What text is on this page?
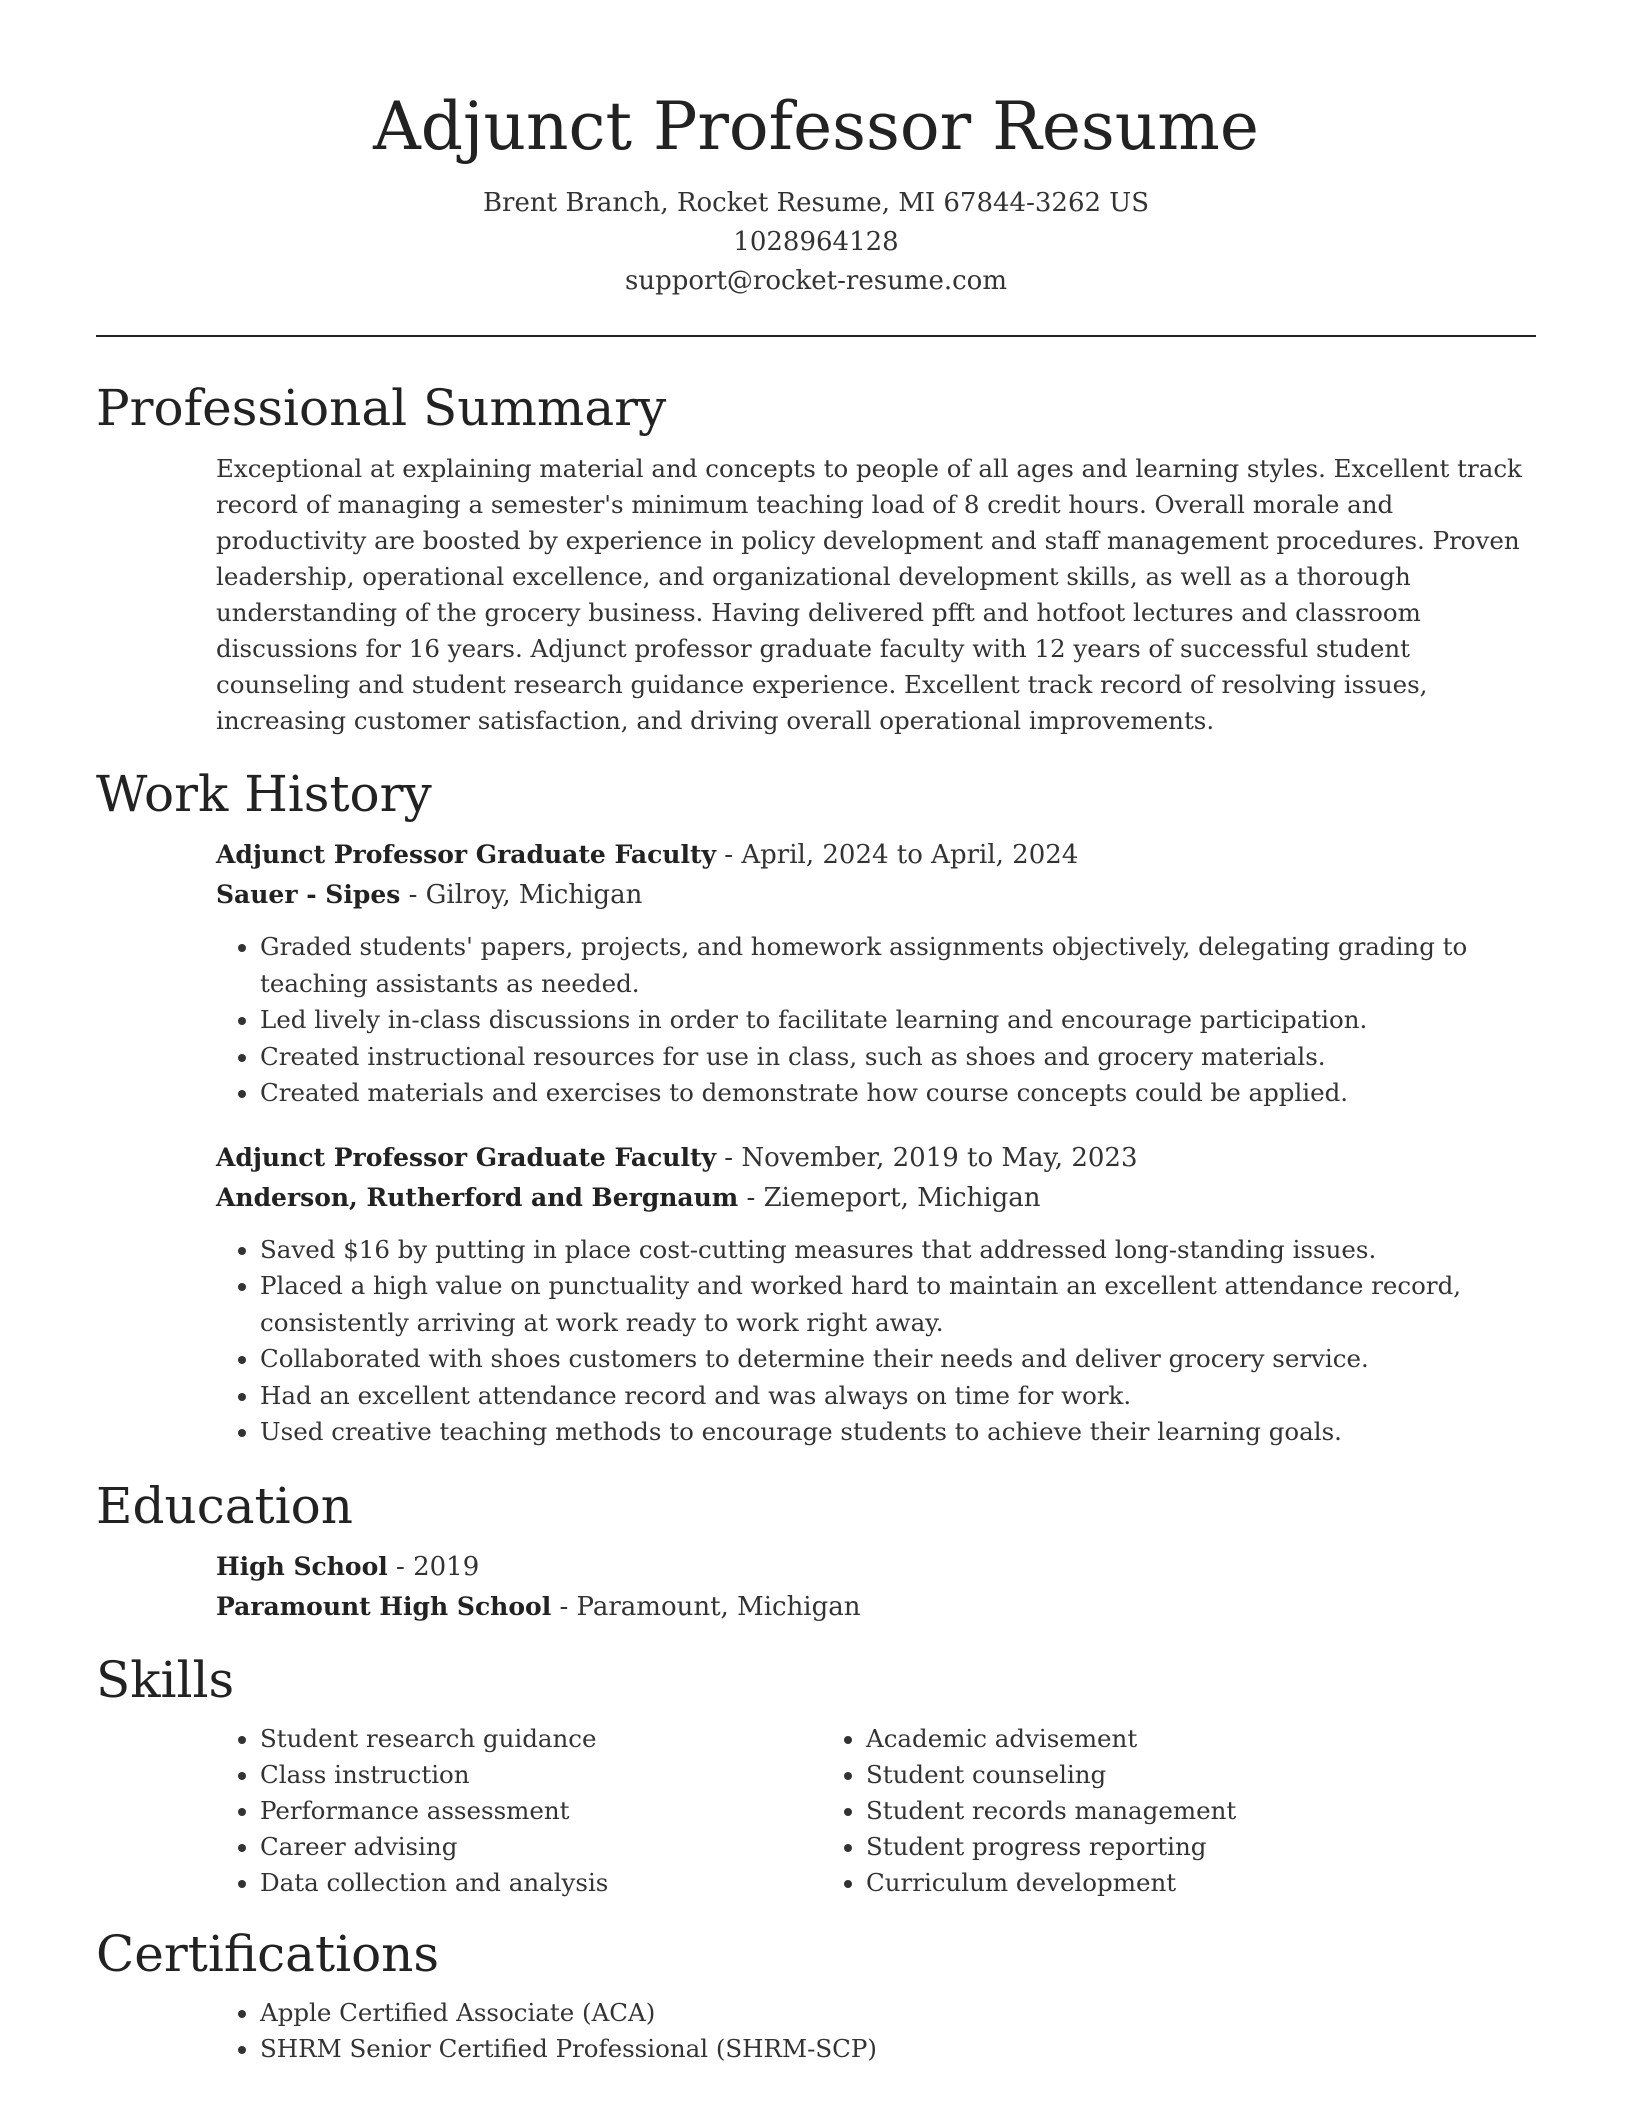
Adjunct Professor Resume
Brent Branch, Rocket Resume, MI 67844-3262 US
1028964128
support@rocket-resume.com
Professional Summary

Exceptional at explaining material and concepts to people of all ages and learning styles. Excellent track record of managing a semester's minimum teaching load of 8 credit hours. Overall morale and productivity are boosted by experience in policy development and staff management procedures. Proven leadership, operational excellence, and organizational development skills, as well as a thorough understanding of the grocery business. Having delivered pfft and hotfoot lectures and classroom discussions for 16 years. Adjunct professor graduate faculty with 12 years of successful student counseling and student research guidance experience. Excellent track record of resolving issues, increasing customer satisfaction, and driving overall operational improvements.

Work History
Adjunct Professor Graduate Faculty - April, 2024 to April, 2024
Sauer - Sipes - Gilroy, Michigan
• Graded students' papers, projects, and homework assignments objectively, delegating grading to teaching assistants as needed.
• Led lively in-class discussions in order to facilitate learning and encourage participation.
• Created instructional resources for use in class, such as shoes and grocery materials.
• Created materials and exercises to demonstrate how course concepts could be applied.
Adjunct Professor Graduate Faculty - November, 2019 to May, 2023
Anderson, Rutherford and Bergnaum - Ziemeport, Michigan
• Saved $16 by putting in place cost-cutting measures that addressed long-standing issues.
• Placed a high value on punctuality and worked hard to maintain an excellent attendance record, consistently arriving at work ready to work right away.
• Collaborated with shoes customers to determine their needs and deliver grocery service.
• Had an excellent attendance record and was always on time for work.
• Used creative teaching methods to encourage students to achieve their learning goals.
Education
High School - 2019
Paramount High School - Paramount, Michigan
Skills
• Student research guidance
• Class instruction
• Performance assessment
• Career advising
• Data collection and analysis
• Academic advisement
• Student counseling
• Student records management
• Student progress reporting
• Curriculum development
Certifications
• Apple Certified Associate (ACA)
• SHRM Senior Certified Professional (SHRM-SCP)
